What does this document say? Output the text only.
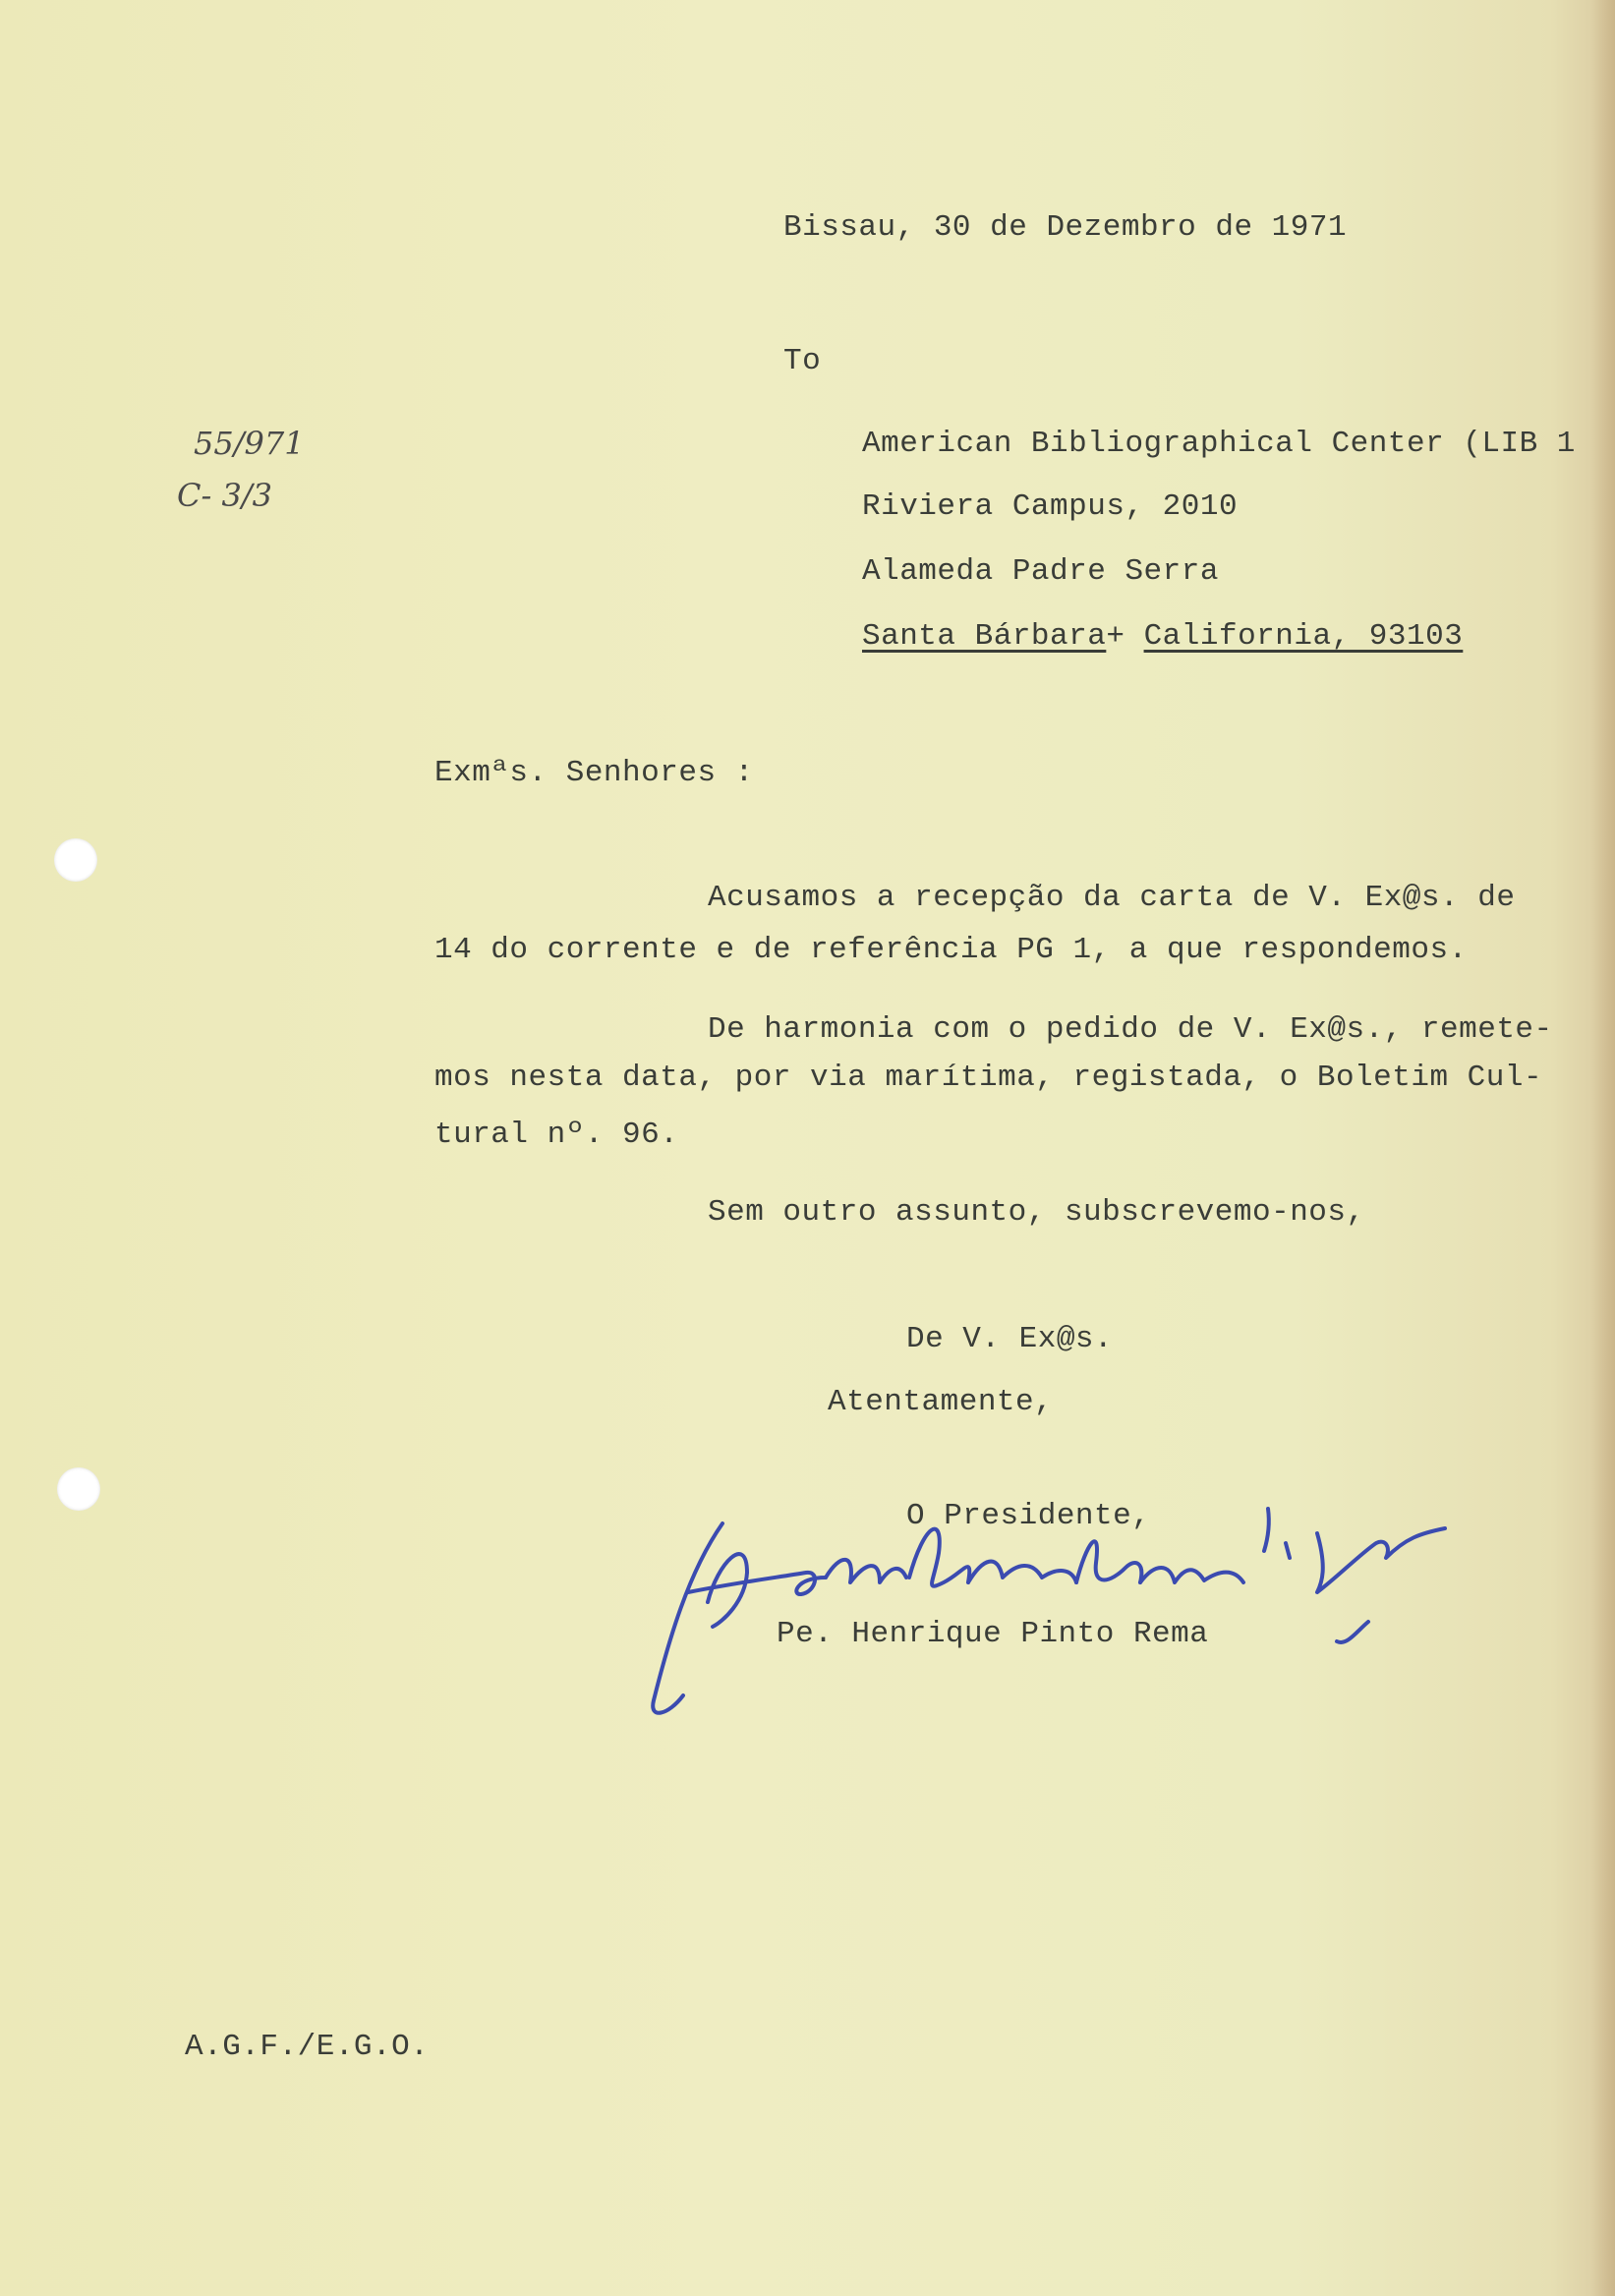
Bissau, 30 de Dezembro de 1971
To
55/971
C- 3/3
American Bibliographical Center (LIB 1
Riviera Campus, 2010
Alameda Padre Serra
Santa Bárbara+ California, 93103
Exmªs. Senhores :
Acusamos a recepção da carta de V. Ex@s. de
14 do corrente e de referência PG 1, a que respondemos.
De harmonia com o pedido de V. Ex@s., remete-
mos nesta data, por via marítima, registada, o Boletim Cul-
tural nº. 96.
Sem outro assunto, subscrevemo-nos,
De V. Ex@s.
Atentamente,
O Presidente,
Pe. Henrique Pinto Rema
A.G.F./E.G.O.
